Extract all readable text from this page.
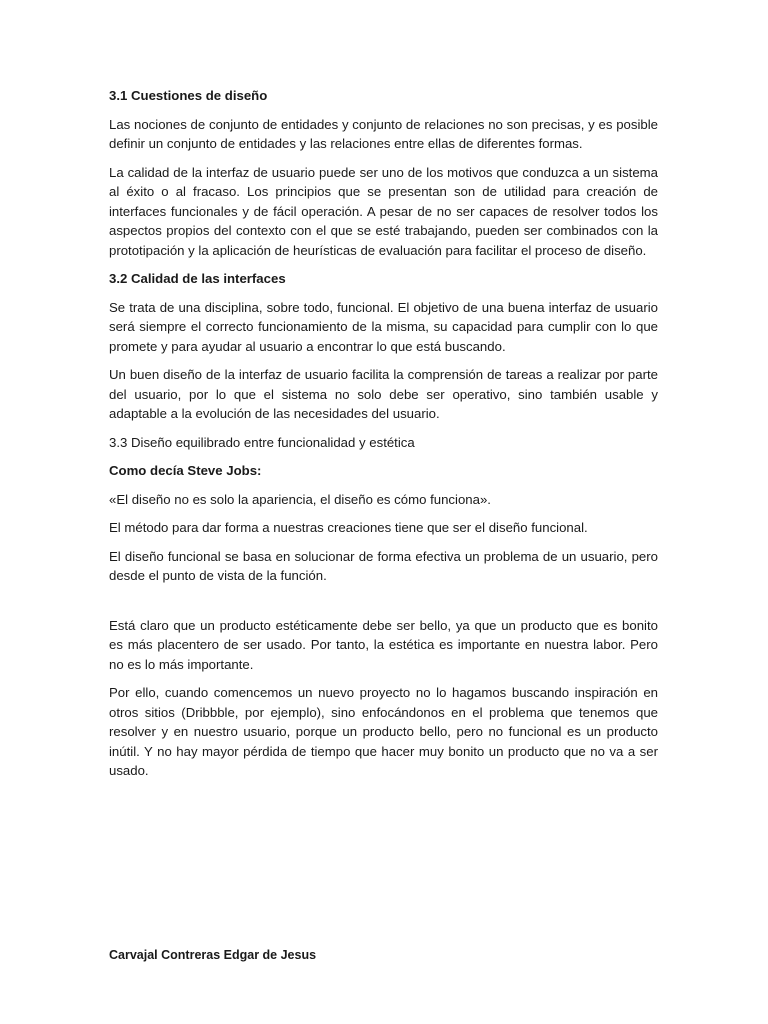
3.1 Cuestiones de diseño
Las nociones de conjunto de entidades y conjunto de relaciones no son precisas, y es posible definir un conjunto de entidades y las relaciones entre ellas de diferentes formas.
La calidad de la interfaz de usuario puede ser uno de los motivos que conduzca a un sistema al éxito o al fracaso. Los principios que se presentan son de utilidad para creación de interfaces funcionales y de fácil operación. A pesar de no ser capaces de resolver todos los aspectos propios del contexto con el que se esté trabajando, pueden ser combinados con la prototipación y la aplicación de heurísticas de evaluación para facilitar el proceso de diseño.
3.2 Calidad de las interfaces
Se trata de una disciplina, sobre todo, funcional. El objetivo de una buena interfaz de usuario será siempre el correcto funcionamiento de la misma, su capacidad para cumplir con lo que promete y para ayudar al usuario a encontrar lo que está buscando.
Un buen diseño de la interfaz de usuario facilita la comprensión de tareas a realizar por parte del usuario, por lo que el sistema no solo debe ser operativo, sino también usable y adaptable a la evolución de las necesidades del usuario.
3.3 Diseño equilibrado entre funcionalidad y estética
Como decía Steve Jobs:
«El diseño no es solo la apariencia, el diseño es cómo funciona».
El método para dar forma a nuestras creaciones tiene que ser el diseño funcional.
El diseño funcional se basa en solucionar de forma efectiva un problema de un usuario, pero desde el punto de vista de la función.
Está claro que un producto estéticamente debe ser bello, ya que un producto que es bonito es más placentero de ser usado. Por tanto, la estética es importante en nuestra labor. Pero no es lo más importante.
Por ello, cuando comencemos un nuevo proyecto no lo hagamos buscando inspiración en otros sitios (Dribbble, por ejemplo), sino enfocándonos en el problema que tenemos que resolver y en nuestro usuario, porque un producto bello, pero no funcional es un producto inútil. Y no hay mayor pérdida de tiempo que hacer muy bonito un producto que no va a ser usado.
Carvajal Contreras Edgar de Jesus
